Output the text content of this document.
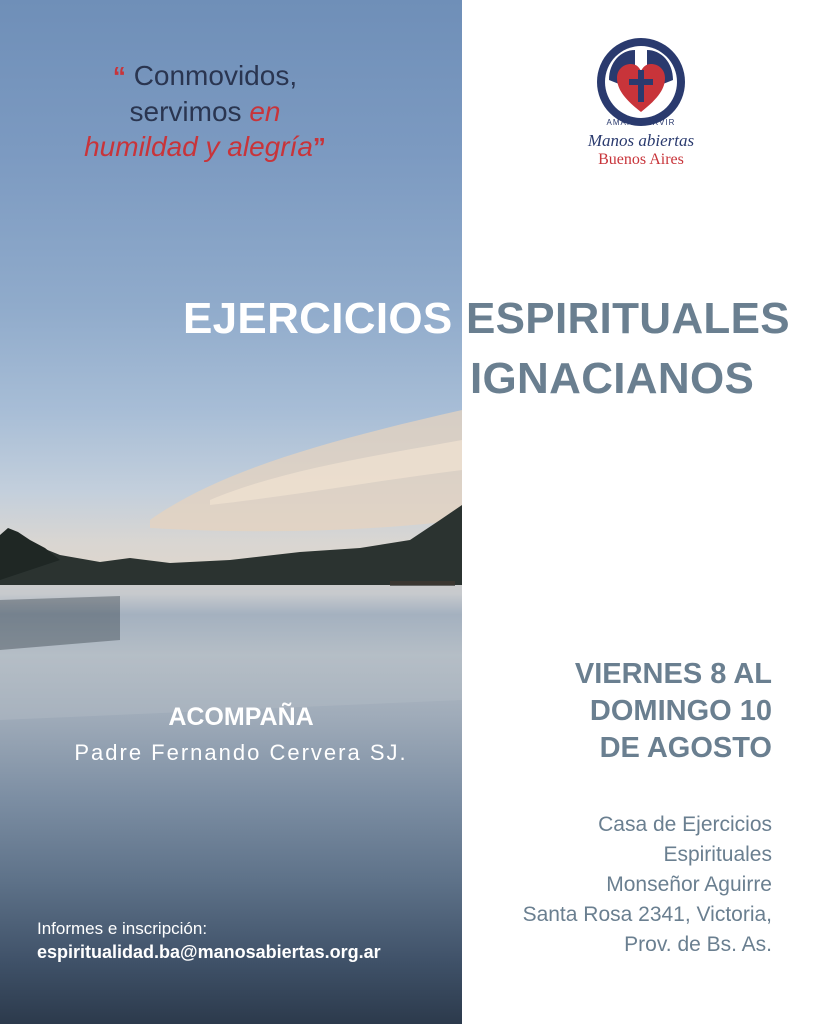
“ Conmovidos,
servimos en
humildad y alegría”
AMARYSERVIR
Manos abiertas
Buenos Aires
EJERCICIOS ESPIRITUALES
IGNACIANOS
ACOMPAÑA
Padre Fernando Cervera SJ.
Informes e inscripción:
espiritualidad.ba@manosabiertas.org.ar
VIERNES 8 AL
DOMINGO 10
DE AGOSTO
Casa de Ejercicios
Espirituales
Monseñor Aguirre
Santa Rosa 2341, Victoria,
Prov. de Bs. As.
